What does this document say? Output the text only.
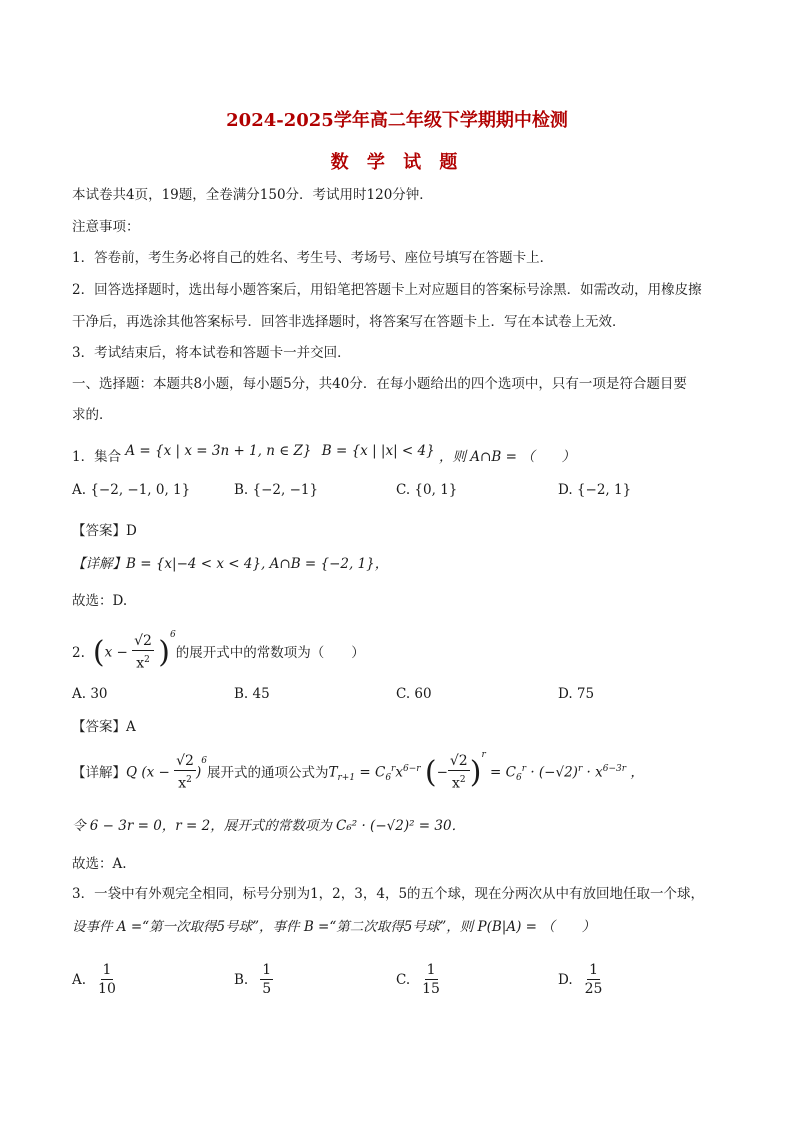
2024-2025学年高二年级下学期期中检测
数 学 试 题
本试卷共4页，19题，全卷满分150分．考试用时120分钟．
注意事项：
1．答卷前，考生务必将自己的姓名、考生号、考场号、座位号填写在答题卡上．
2．回答选择题时，选出每小题答案后，用铅笔把答题卡上对应题目的答案标号涂黑．如需改动，用橡皮擦
干净后，再选涂其他答案标号．回答非选择题时，将答案写在答题卡上．写在本试卷上无效．
3．考试结束后，将本试卷和答题卡一并交回．
一、选择题：本题共8小题，每小题5分，共40分．在每小题给出的四个选项中，只有一项是符合题目要
求的．
1．集合 A = {x | x = 3n + 1, n ∈ Z} B = {x | |x| < 4} ，则 A∩B = （　　）
A. {−2, −1, 0, 1}	B. {−2, −1}	C. {0, 1}	D. {−2, 1}
【答案】D
【详解】B = {x|−4 < x < 4}, A∩B = {−2, 1}，
故选：D.
2. $(x - \frac{√2}{x^2} )^6$
的展开式中的常数项为（　　）
A. 30	B. 45	C. 60	D. 75
【答案】A
【详解】 Q $(x - \frac{√2}{x^2} )^6$
展开式的通项公式为 $T_{r+1} = C_6^rx^{6-r}$ (− $\frac{√2}{x^2} )^r = C_6^r \cdot (-√2)^r \cdot x^{6-3r}$ ，
令 6 − 3r = 0，r = 2，展开式的常数项为 C₆² · (−√2)² = 30．
故选：A.
3．一袋中有外观完全相同，标号分别为1，2，3，4，5的五个球，现在分两次从中有放回地任取一个球，
设事件 A =“第一次取得5号球”，事件 B =“第二次取得5号球”，则 P(B|A) = （　　）
A. $\frac{1}{10}$	B. $\frac{1}{5}$	C. $\frac{1}{15}$	D. $\frac{1}{25}$
